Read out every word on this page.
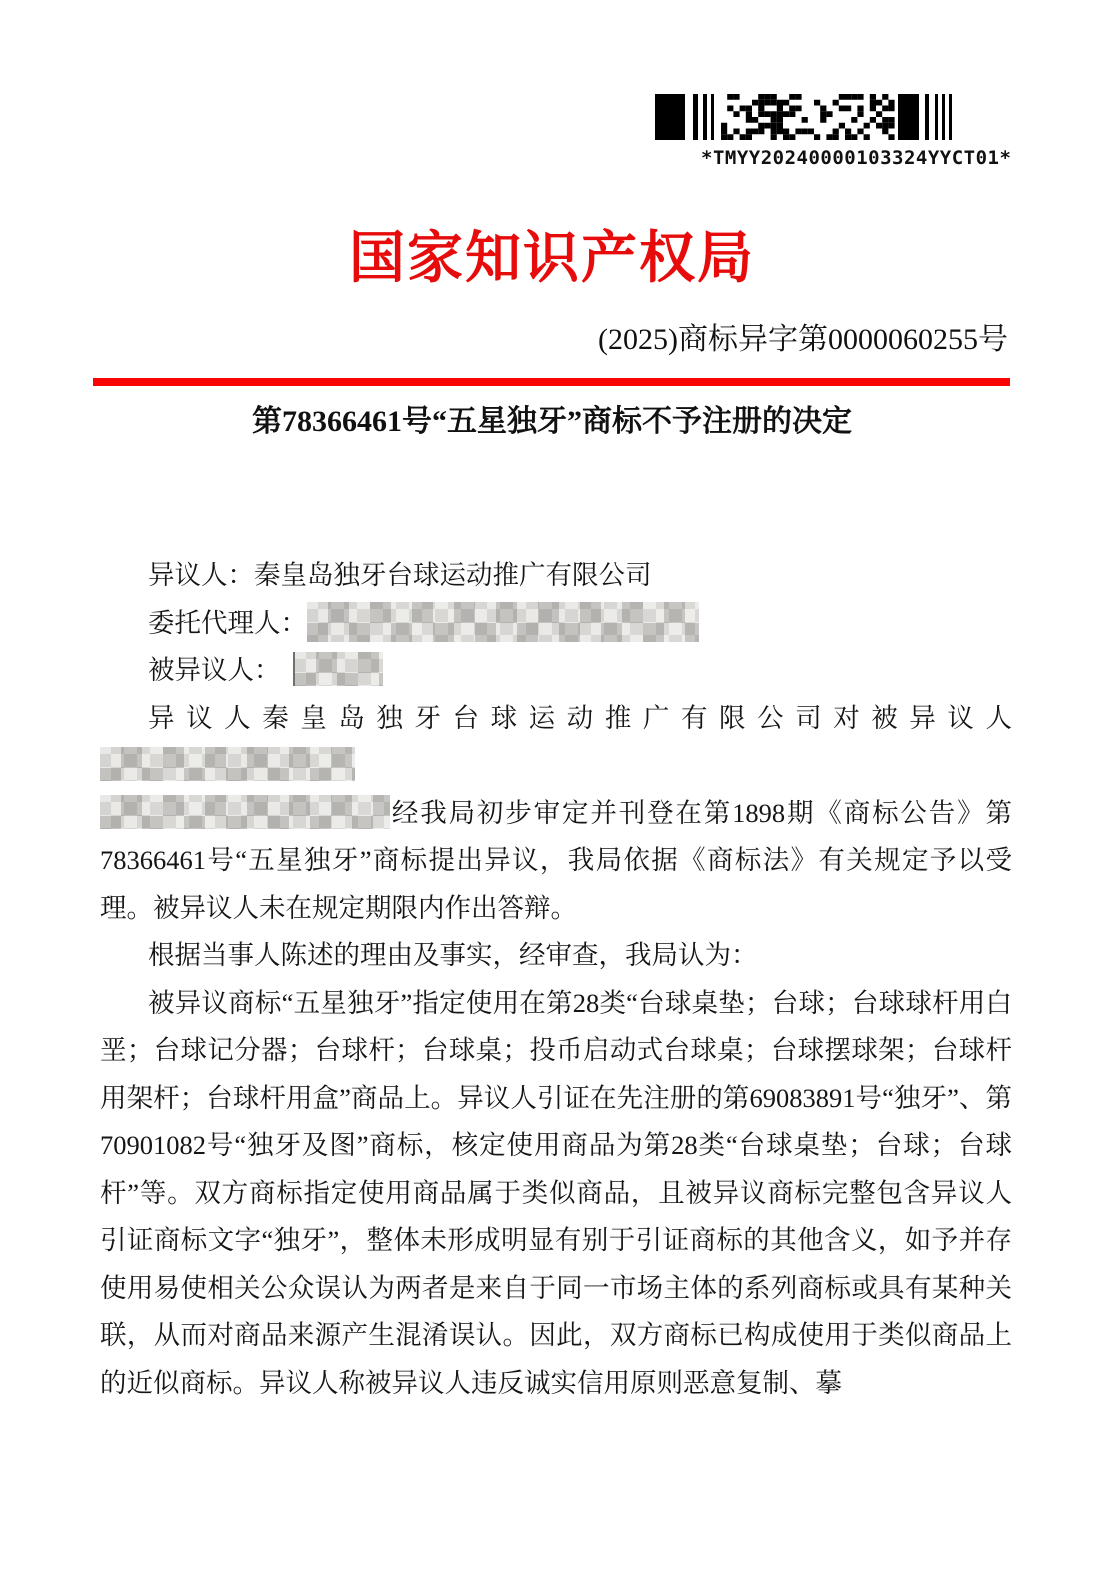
*TMYY20240000103324YYCT01*
国家知识产权局
(2025)商标异字第0000060255号
第78366461号“五星独牙”商标不予注册的决定

异议人：秦皇岛独牙台球运动推广有限公司

委托代理人：

被异议人：

异议人秦皇岛独牙台球运动推广有限公司对被异议人
经我局初步审定并刊登在第1898期《商标公告》第78366461号“五星独牙”商标提出异议，我局依据《商标法》有关规定予以受理。被异议人未在规定期限内作出答辩。

根据当事人陈述的理由及事实，经审查，我局认为：

被异议商标“五星独牙”指定使用在第28类“台球桌垫；台球；台球球杆用白垩；台球记分器；台球杆；台球桌；投币启动式台球桌；台球摆球架；台球杆用架杆；台球杆用盒”商品上。异议人引证在先注册的第69083891号“独牙”、第70901082号“独牙及图”商标，核定使用商品为第28类“台球桌垫；台球；台球杆”等。双方商标指定使用商品属于类似商品，且被异议商标完整包含异议人引证商标文字“独牙”，整体未形成明显有别于引证商标的其他含义，如予并存使用易使相关公众误认为两者是来自于同一市场主体的系列商标或具有某种关联，从而对商品来源产生混淆误认。因此，双方商标已构成使用于类似商品上的近似商标。异议人称被异议人违反诚实信用原则恶意复制、摹
